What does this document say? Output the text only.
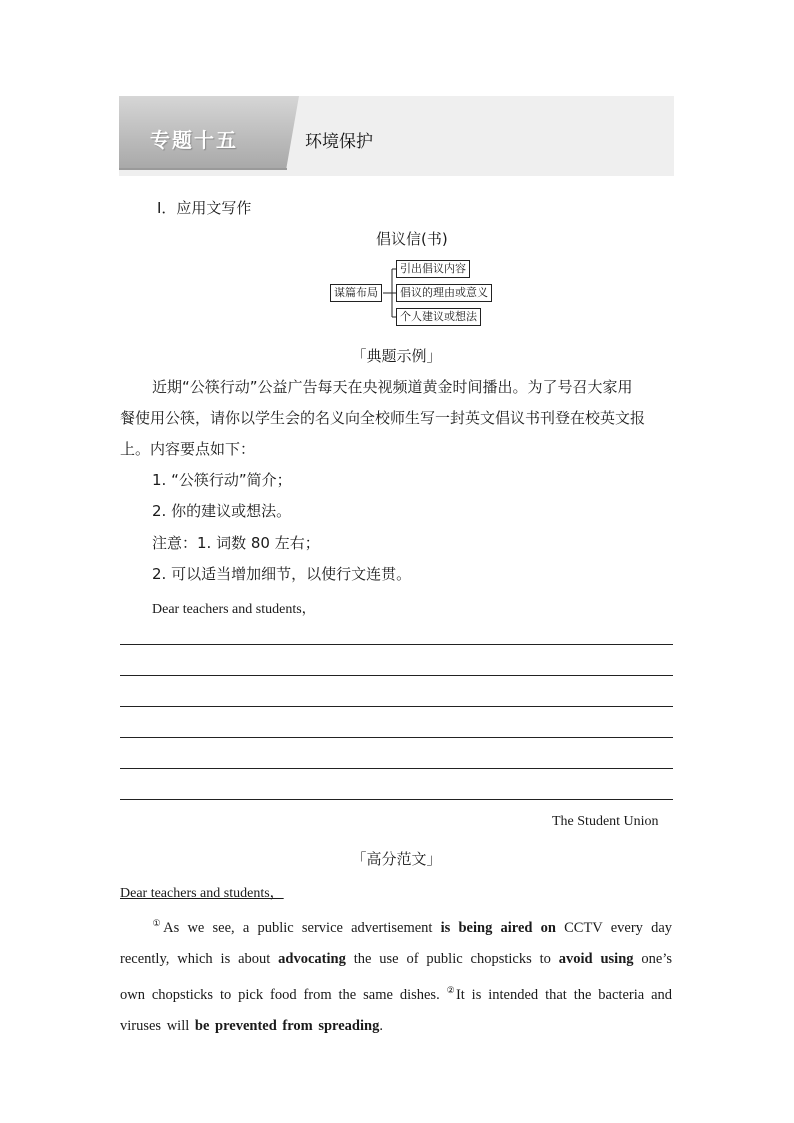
专题十五	环境保护
Ⅰ．应用文写作
倡议信(书)
谋篇布局
引出倡议内容
倡议的理由或意义
个人建议或想法
「典题示例」
近期“公筷行动”公益广告每天在央视频道黄金时间播出。为了号召大家用
餐使用公筷，请你以学生会的名义向全校师生写一封英文倡议书刊登在校英文报
上。内容要点如下：
1. “公筷行动”简介；
2. 你的建议或想法。
注意：1. 词数 80 左右；
2. 可以适当增加细节，以使行文连贯。
Dear teachers and students，
The Student Union
「高分范文」
Dear teachers and students，
①As we see, a public service advertisement is being aired on CCTV every day recently, which is about advocating the use of public chopsticks to avoid using one’s own chopsticks to pick food from the same dishes. ②It is intended that the bacteria and viruses will be prevented from spreading.
